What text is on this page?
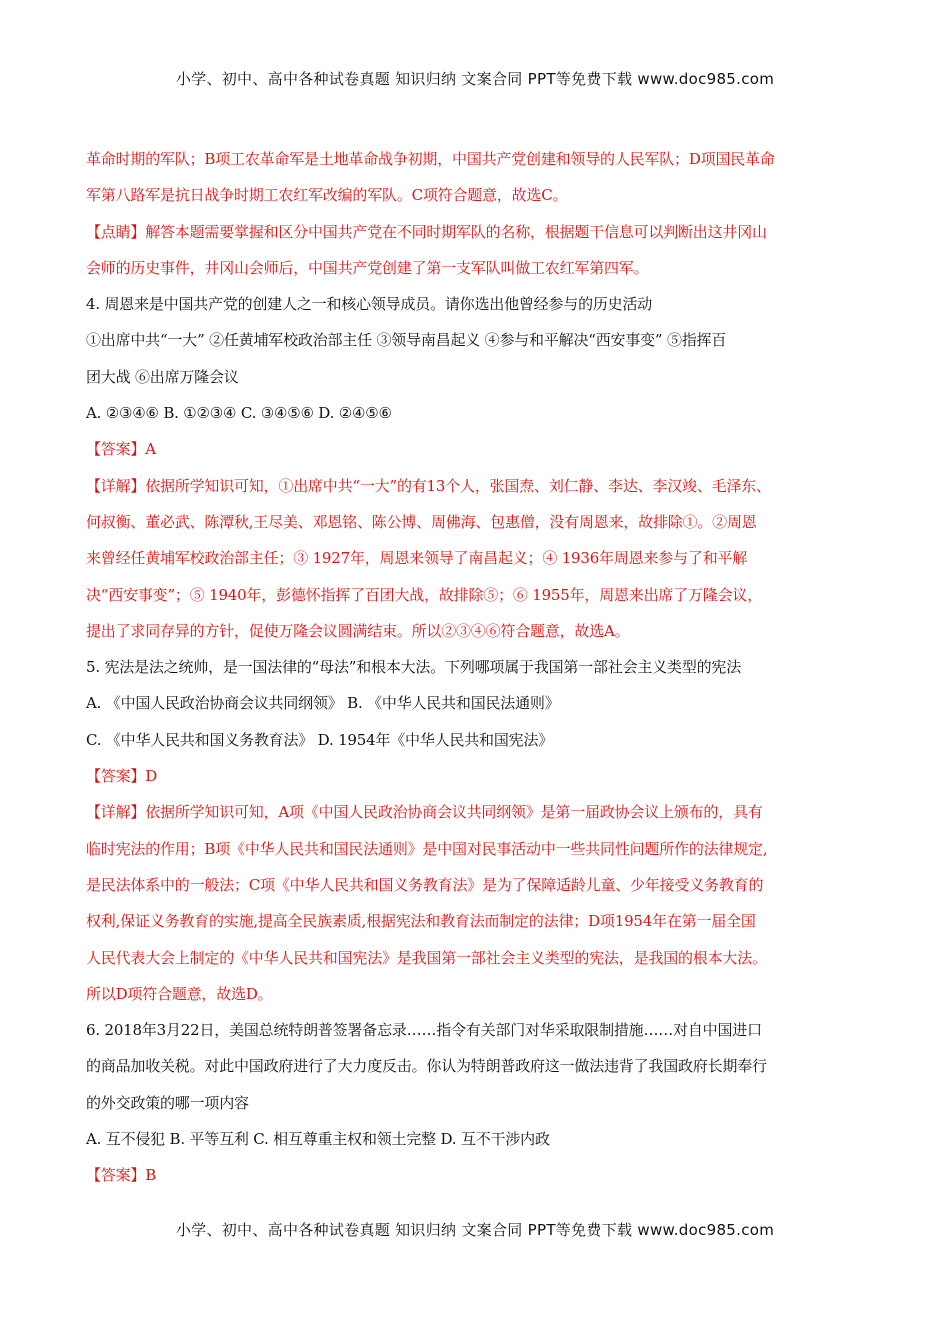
小学、初中、高中各种试卷真题 知识归纳 文案合同 PPT等免费下载 www.doc985.com
革命时期的军队；B项工农革命军是土地革命战争初期，中国共产党创建和领导的人民军队；D项国民革命
军第八路军是抗日战争时期工农红军改编的军队。C项符合题意，故选C。
【点睛】解答本题需要掌握和区分中国共产党在不同时期军队的名称，根据题干信息可以判断出这井冈山
会师的历史事件，井冈山会师后，中国共产党创建了第一支军队叫做工农红军第四军。
4. 周恩来是中国共产党的创建人之一和核心领导成员。请你选出他曾经参与的历史活动
①出席中共“一大” ②任黄埔军校政治部主任 ③领导南昌起义 ④参与和平解决“西安事变” ⑤指挥百
团大战 ⑥出席万隆会议
A. ②③④⑥ B. ①②③④ C. ③④⑤⑥ D. ②④⑤⑥
【答案】A
【详解】依据所学知识可知，①出席中共“一大”的有13个人，张国焘、刘仁静、李达、李汉竣、毛泽东、
何叔衡、董必武、陈潭秋,王尽美、邓恩铭、陈公博、周佛海、包惠僧，没有周恩来，故排除①。②周恩
来曾经任黄埔军校政治部主任；③ 1927年，周恩来领导了南昌起义；④ 1936年周恩来参与了和平解
决“西安事变”；⑤ 1940年，彭德怀指挥了百团大战，故排除⑤；⑥ 1955年，周恩来出席了万隆会议，
提出了求同存异的方针，促使万隆会议圆满结束。所以②③④⑥符合题意，故选A。
5. 宪法是法之统帅，是一国法律的“母法”和根本大法。下列哪项属于我国第一部社会主义类型的宪法
A. 《中国人民政治协商会议共同纲领》 B. 《中华人民共和国民法通则》
C. 《中华人民共和国义务教育法》 D. 1954年《中华人民共和国宪法》
【答案】D
【详解】依据所学知识可知，A项《中国人民政治协商会议共同纲领》是第一届政协会议上颁布的，具有
临时宪法的作用；B项《中华人民共和国民法通则》是中国对民事活动中一些共同性问题所作的法律规定,
是民法体系中的一般法；C项《中华人民共和国义务教育法》是为了保障适龄儿童、少年接受义务教育的
权利,保证义务教育的实施,提高全民族素质,根据宪法和教育法而制定的法律；D项1954年在第一届全国
人民代表大会上制定的《中华人民共和国宪法》是我国第一部社会主义类型的宪法，是我国的根本大法。
所以D项符合题意，故选D。
6. 2018年3月22日，美国总统特朗普签署备忘录……指令有关部门对华采取限制措施……对自中国进口
的商品加收关税。对此中国政府进行了大力度反击。你认为特朗普政府这一做法违背了我国政府长期奉行
的外交政策的哪一项内容
A. 互不侵犯 B. 平等互利 C. 相互尊重主权和领土完整 D. 互不干涉内政
【答案】B
小学、初中、高中各种试卷真题 知识归纳 文案合同 PPT等免费下载 www.doc985.com
